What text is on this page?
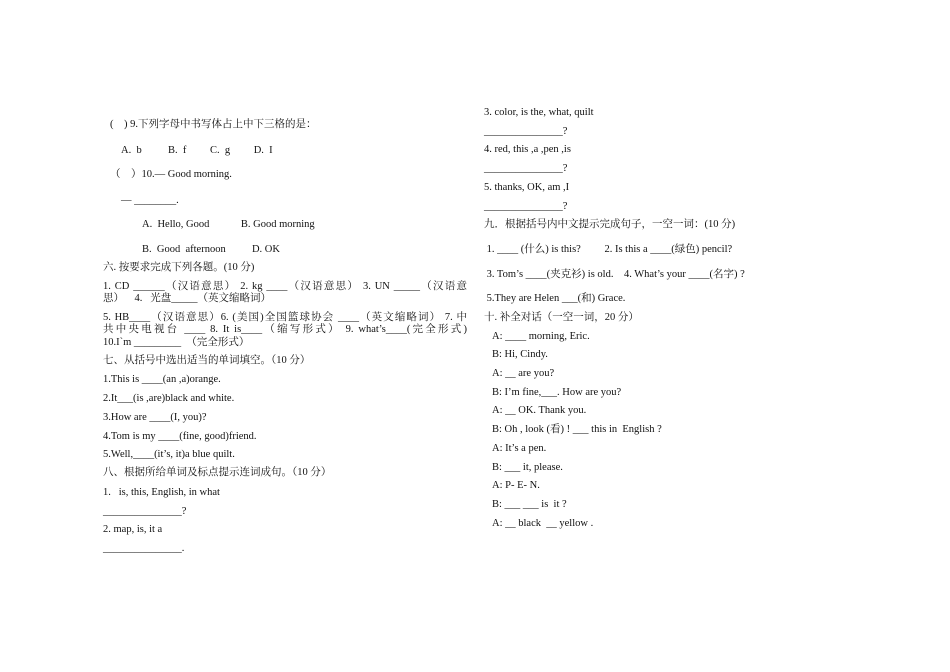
(    ) 9.下列字母中书写体占上中下三格的是：
A.  b          B.  f         C.  g         D.  I
（    ）10.— Good morning.
— ________.
A.  Hello, Good            B. Good morning
B.  Good  afternoon          D. OK
六. 按要求完成下列各题。(10 分)
1. CD ______（汉语意思） 2. kg ____（汉语意思） 3. UN _____（汉语意
思）    4.   光盘_____（英文缩略词）
5. HB____（汉语意思）6. (美国)全国篮球协会 ____（英文缩略词） 7. 中
共中央电视台 ____ 8. It is____（缩写形式） 9. what’s____(完全形式)
10.I`m _________  （完全形式）
七、从括号中选出适当的单词填空。（10 分）
1.This is ____(an ,a)orange.
2.It___(is ,are)black and white.
3.How are ____(I, you)?
4.Tom is my ____(fine, good)friend.
5.Well,____(it’s, it)a blue quilt.
八、根据所给单词及标点提示连词成句。（10 分）
1.   is, this, English, in what
_______________?
2. map, is, it a
_______________.
3. color, is the, what, quilt
_______________?
4. red, this ,a ,pen ,is
_______________?
5. thanks, OK, am ,I
_______________?
九．根据括号内中文提示完成句子，一空一词：(10 分)
1. ____ (什么) is this?         2. Is this a ____(绿色) pencil?
3. Tom’s ____(夹克衫) is old.    4. What’s your ____(名字) ?
5.They are Helen ___(和) Grace.
十. 补全对话（一空一词，20 分）
A: ____ morning, Eric.
B: Hi, Cindy.
A: __ are you?
B: I’m fine,___. How are you?
A: __ OK. Thank you.
B: Oh , look (看) ! ___ this in  English ?
A: It’s a pen.
B: ___ it, please.
A: P- E- N.
B: ___ ___ is  it ?
A: __ black  __ yellow .
